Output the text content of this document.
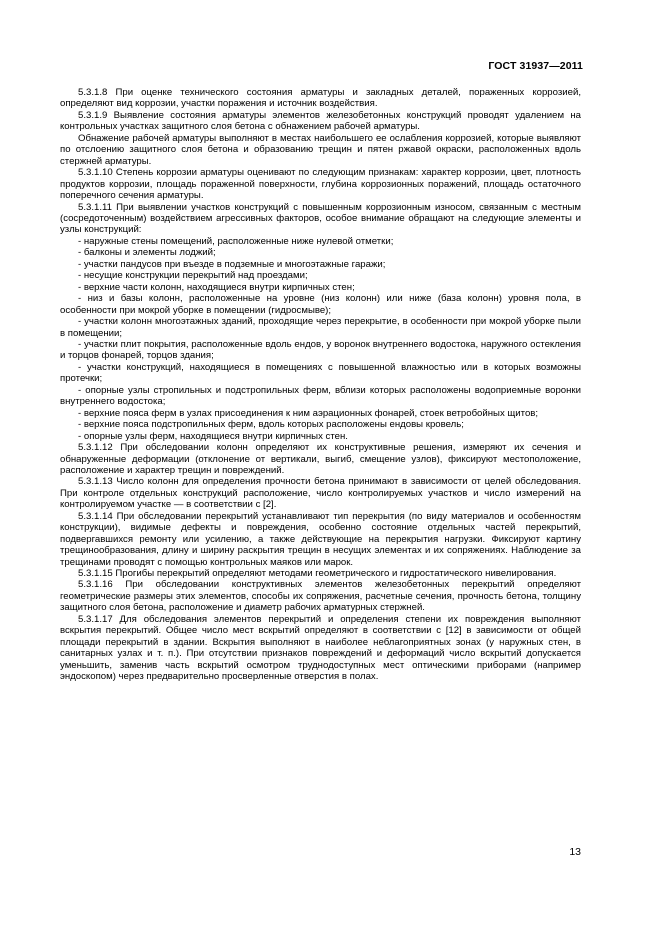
ГОСТ 31937—2011

5.3.1.8 При оценке технического состояния арматуры и закладных деталей, пораженных коррозией, определяют вид коррозии, участки поражения и источник воздействия.

5.3.1.9 Выявление состояния арматуры элементов железобетонных конструкций проводят удалением на контрольных участках защитного слоя бетона с обнажением рабочей арматуры.

Обнажение рабочей арматуры выполняют в местах наибольшего ее ослабления коррозией, которые выявляют по отслоению защитного слоя бетона и образованию трещин и пятен ржавой окраски, расположенных вдоль стержней арматуры.

5.3.1.10 Степень коррозии арматуры оценивают по следующим признакам: характер коррозии, цвет, плотность продуктов коррозии, площадь пораженной поверхности, глубина коррозионных поражений, площадь остаточного поперечного сечения арматуры.

5.3.1.11 При выявлении участков конструкций с повышенным коррозионным износом, связанным с местным (сосредоточенным) воздействием агрессивных факторов, особое внимание обращают на следующие элементы и узлы конструкций:

- наружные стены помещений, расположенные ниже нулевой отметки;

- балконы и элементы лоджий;

- участки пандусов при въезде в подземные и многоэтажные гаражи;

- несущие конструкции перекрытий над проездами;

- верхние части колонн, находящиеся внутри кирпичных стен;

- низ и базы колонн, расположенные на уровне (низ колонн) или ниже (база колонн) уровня пола, в особенности при мокрой уборке в помещении (гидросмыве);

- участки колонн многоэтажных зданий, проходящие через перекрытие, в особенности при мокрой уборке пыли в помещении;

- участки плит покрытия, расположенные вдоль ендов, у воронок внутреннего водостока, наружного остекления и торцов фонарей, торцов здания;

- участки конструкций, находящиеся в помещениях с повышенной влажностью или в которых возможны протечки;

- опорные узлы стропильных и подстропильных ферм, вблизи которых расположены водоприемные воронки внутреннего водостока;

- верхние пояса ферм в узлах присоединения к ним аэрационных фонарей, стоек ветробойных щитов;

- верхние пояса подстропильных ферм, вдоль которых расположены ендовы кровель;

- опорные узлы ферм, находящиеся внутри кирпичных стен.

5.3.1.12 При обследовании колонн определяют их конструктивные решения, измеряют их сечения и обнаруженные деформации (отклонение от вертикали, выгиб, смещение узлов), фиксируют местоположение, расположение и характер трещин и повреждений.

5.3.1.13 Число колонн для определения прочности бетона принимают в зависимости от целей обследования. При контроле отдельных конструкций расположение, число контролируемых участков и число измерений на контролируемом участке — в соответствии с [2].

5.3.1.14 При обследовании перекрытий устанавливают тип перекрытия (по виду материалов и особенностям конструкции), видимые дефекты и повреждения, особенно состояние отдельных частей перекрытий, подвергавшихся ремонту или усилению, а также действующие на перекрытия нагрузки. Фиксируют картину трещинообразования, длину и ширину раскрытия трещин в несущих элементах и их сопряжениях. Наблюдение за трещинами проводят с помощью контрольных маяков или марок.

5.3.1.15 Прогибы перекрытий определяют методами геометрического и гидростатического нивелирования.

5.3.1.16 При обследовании конструктивных элементов железобетонных перекрытий определяют геометрические размеры этих элементов, способы их сопряжения, расчетные сечения, прочность бетона, толщину защитного слоя бетона, расположение и диаметр рабочих арматурных стержней.

5.3.1.17 Для обследования элементов перекрытий и определения степени их повреждения выполняют вскрытия перекрытий. Общее число мест вскрытий определяют в соответствии с [12] в зависимости от общей площади перекрытий в здании. Вскрытия выполняют в наиболее неблагоприятных зонах (у наружных стен, в санитарных узлах и т. п.). При отсутствии признаков повреждений и деформаций число вскрытий допускается уменьшить, заменив часть вскрытий осмотром труднодоступных мест оптическими приборами (например эндоскопом) через предварительно просверленные отверстия в полах.

13
